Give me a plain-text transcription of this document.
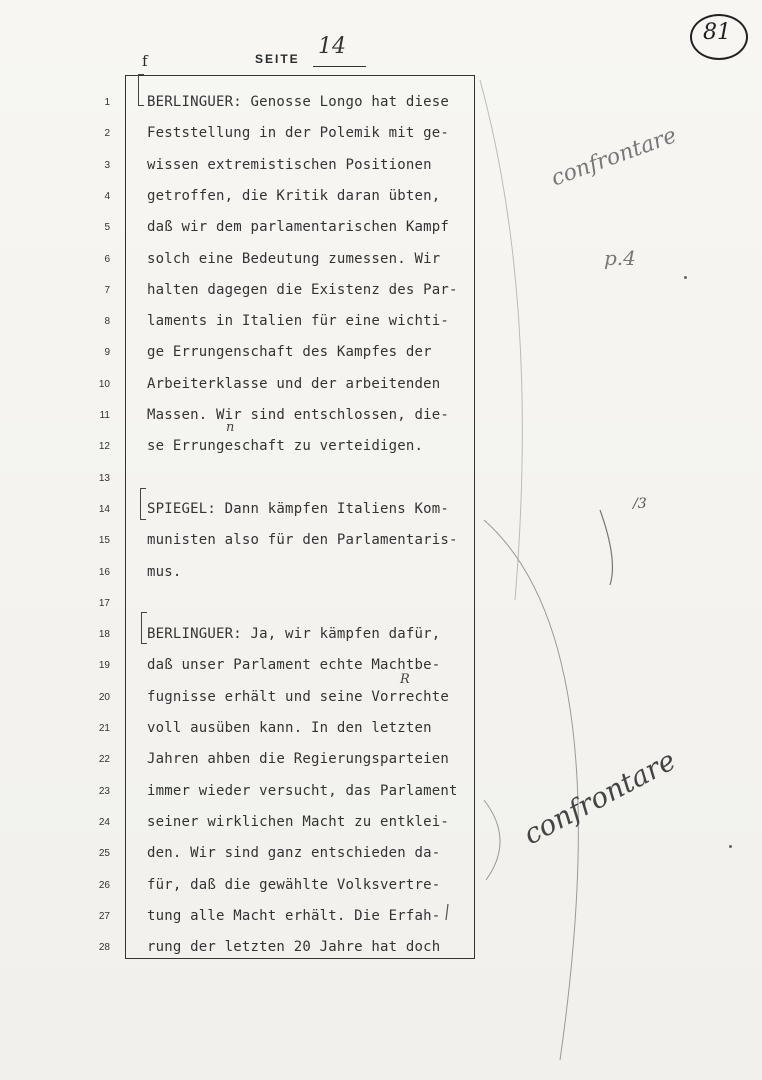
f	SEITE 14
81
1	BERLINGUER: Genosse Longo hat diese
2	Feststellung in der Polemik mit ge-
3	wissen extremistischen Positionen
4	getroffen, die Kritik daran übten,
5	daß wir dem parlamentarischen Kampf
6	solch eine Bedeutung zumessen. Wir
7	halten dagegen die Existenz des Par-
8	laments in Italien für eine wichti-
9	ge Errungenschaft des Kampfes der
10	Arbeiterklasse und der arbeitenden
11	Massen. Wir sind entschlossen, die-
12	se Errungeschaft zu verteidigen.
13
14	SPIEGEL: Dann kämpfen Italiens Kom-
15	munisten also für den Parlamentaris-
16	mus.
17
18	BERLINGUER: Ja, wir kämpfen dafür,
19	daß unser Parlament echte Machtbe-
20	fugnisse erhält und seine Vorrechte
21	voll ausüben kann. In den letzten
22	Jahren ahben die Regierungsparteien
23	immer wieder versucht, das Parlament
24	seiner wirklichen Macht zu entklei-
25	den. Wir sind ganz entschieden da-
26	für, daß die gewählte Volksvertre-
27	tung alle Macht erhält. Die Erfah-
28	rung der letzten 20 Jahre hat doch
confrontare
p.4
confrontare
/3
n
R
